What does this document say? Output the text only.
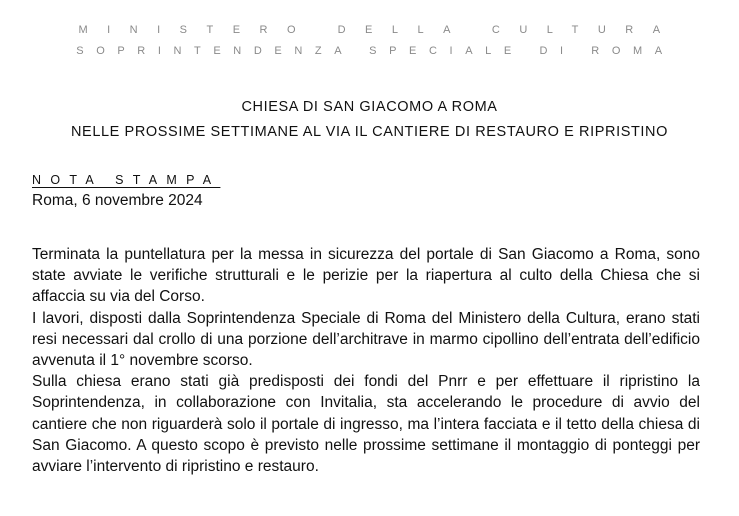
MINISTERO DELLA CULTURA
SOPRINTENDENZA SPECIALE DI ROMA
CHIESA DI SAN GIACOMO A ROMA
NELLE PROSSIME SETTIMANE AL VIA IL CANTIERE DI RESTAURO E RIPRISTINO
NOTA STAMPA
Roma, 6 novembre 2024

Terminata la puntellatura per la messa in sicurezza del portale di San Giacomo a Roma, sono state avviate le verifiche strutturali e le perizie per la riapertura al culto della Chiesa che si affaccia su via del Corso.

I lavori, disposti dalla Soprintendenza Speciale di Roma del Ministero della Cultura, erano stati resi necessari dal crollo di una porzione dell’architrave in marmo cipollino dell’entrata dell’edificio avvenuta il 1° novembre scorso.

Sulla chiesa erano stati già predisposti dei fondi del Pnrr e per effettuare il ripristino la Soprintendenza, in collaborazione con Invitalia, sta accelerando le procedure di avvio del cantiere che non riguarderà solo il portale di ingresso, ma l’intera facciata e il tetto della chiesa di San Giacomo. A questo scopo è previsto nelle prossime settimane il montaggio di ponteggi per avviare l’intervento di ripristino e restauro.
